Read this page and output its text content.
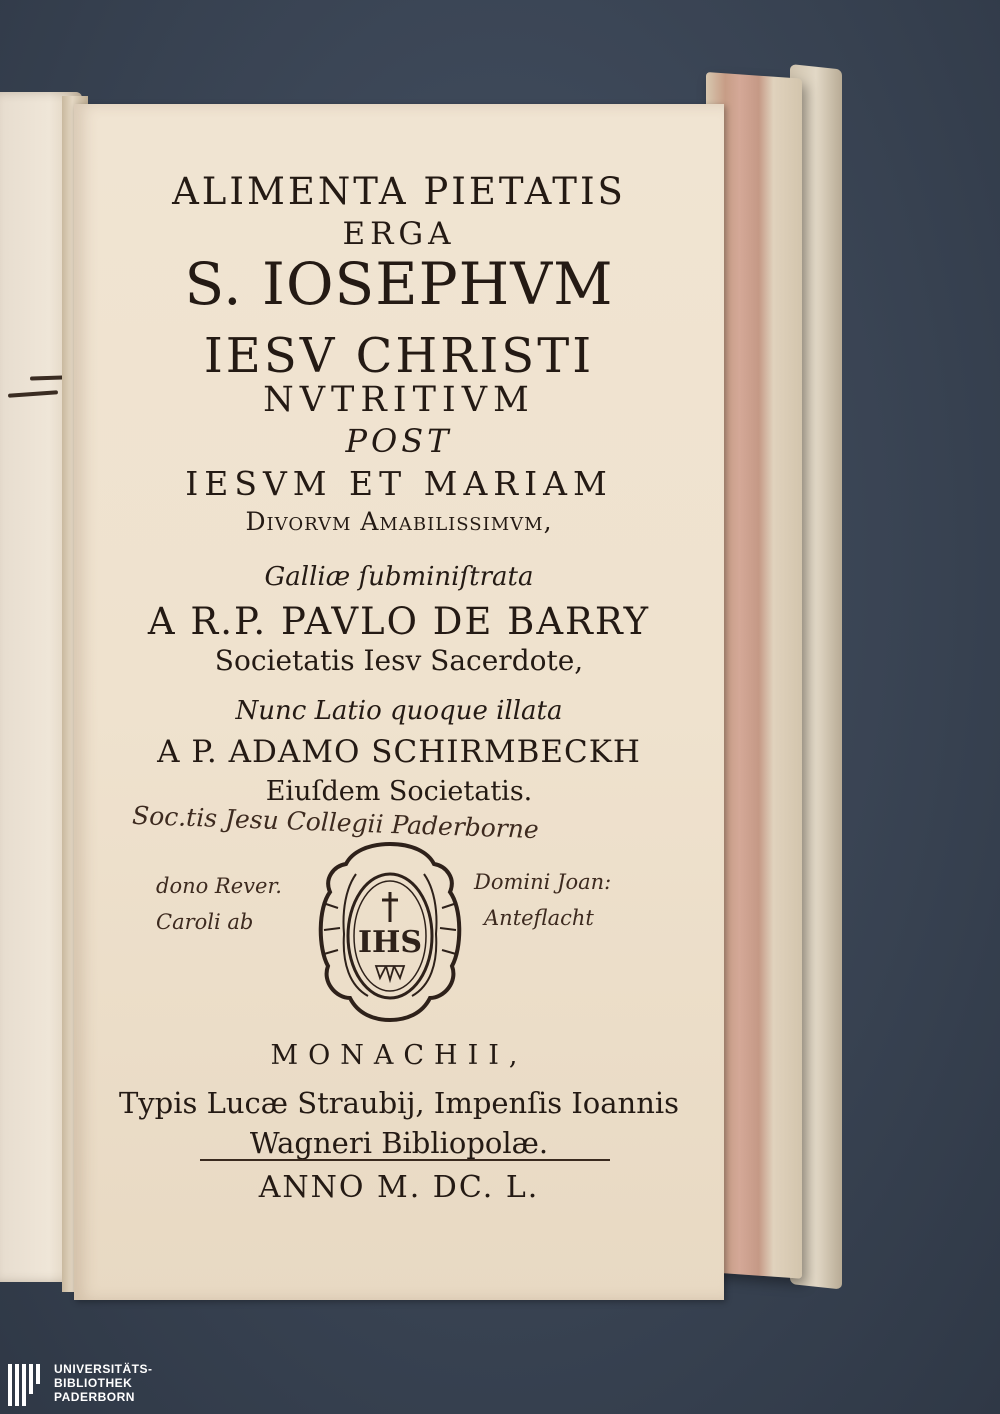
ALIMENTA PIETATIS
ERGA
S. IOSEPHVM
IESV CHRISTI
NVTRITIVM
POST
IESVM ET MARIAM
Divorvm Amabilissimvm,
Galliæ ſubminiſtrata
A R.P. PAVLO DE BARRY
Societatis Iesv Sacerdote,
Nunc Latio quoque illata
A P. ADAMO SCHIRMBECKH
Eiuſdem Societatis.
Soc.tis Jesu Collegii Paderborne
dono Rever.
Caroli ab
Domini Joan:
Anteflacht
IHS
MONACHII,
Typis Lucæ Straubij, Impenſis Ioannis
Wagneri Bibliopolæ.
ANNO M. DC. L.
UNIVERSITÄTS-
BIBLIOTHEK
PADERBORN
